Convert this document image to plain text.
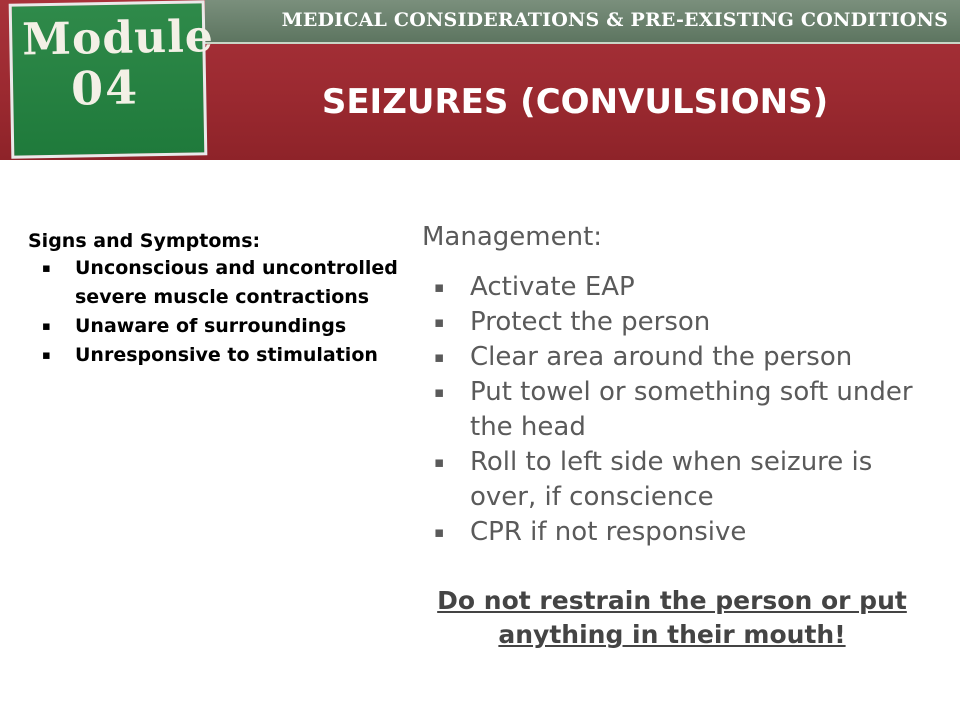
MEDICAL CONSIDERATIONS & PRE-EXISTING CONDITIONS
Module
04	SEIZURES (CONVULSIONS)
Signs and Symptoms:
▪ Unconscious and uncontrolled severe muscle contractions
▪ Unaware of surroundings
▪ Unresponsive to stimulation
Management:
▪ Activate EAP
▪ Protect the person
▪ Clear area around the person
▪ Put towel or something soft under the head
▪ Roll to left side when seizure is over, if conscience
▪ CPR if not responsive
Do not restrain the person or put anything in their mouth!
